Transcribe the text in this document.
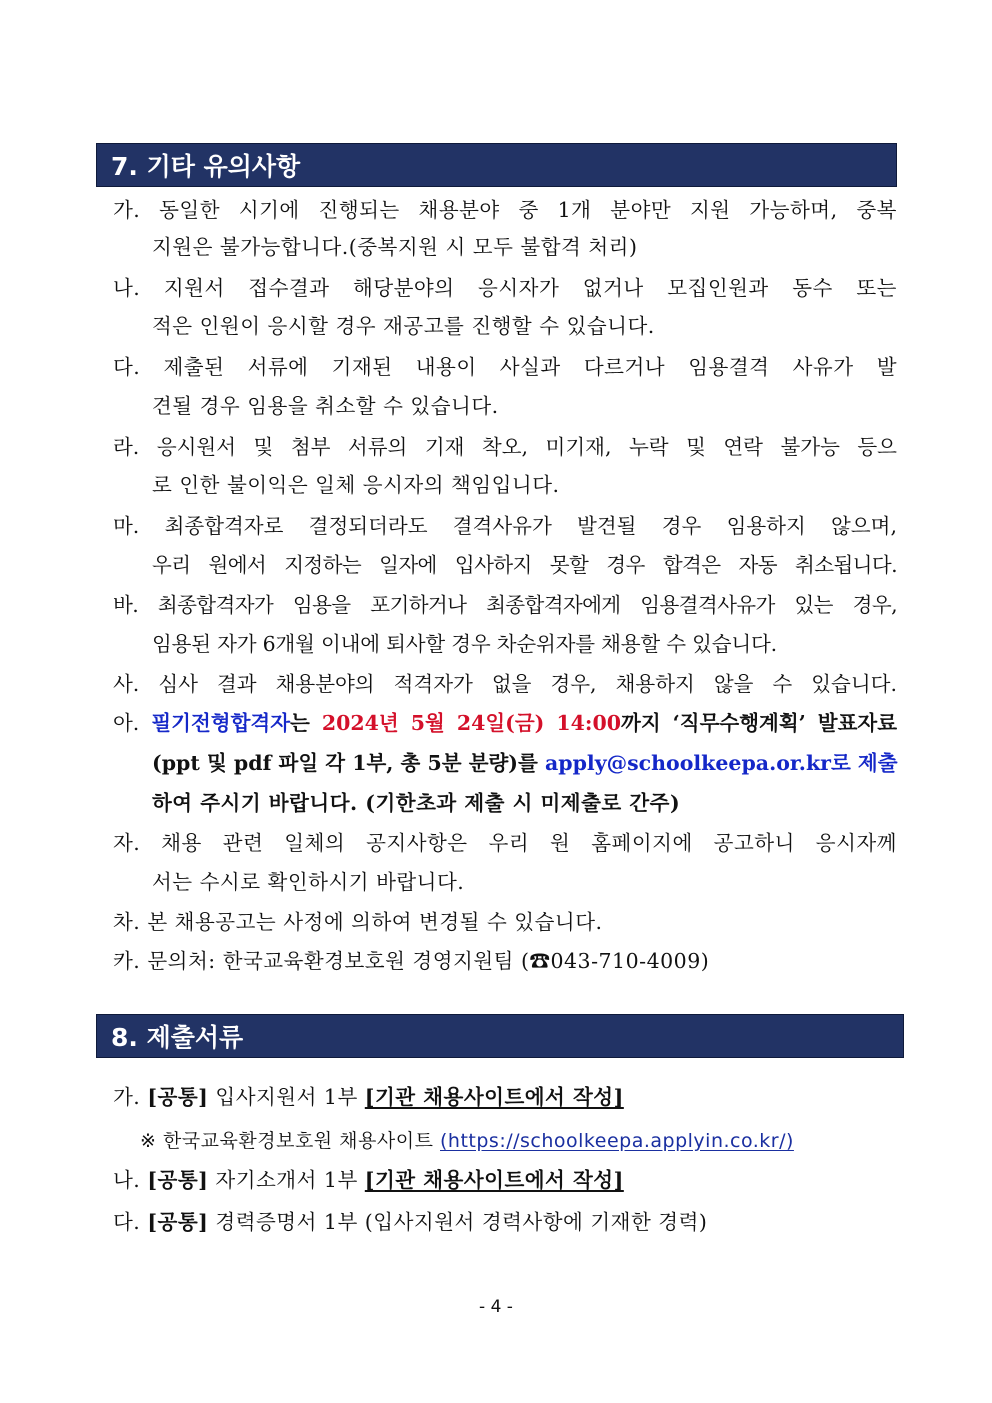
7. 기타 유의사항
가. 동일한 시기에 진행되는 채용분야 중 1개 분야만 지원 가능하며, 중복
지원은 불가능합니다.(중복지원 시 모두 불합격 처리)
나. 지원서 접수결과 해당분야의 응시자가 없거나 모집인원과 동수 또는
적은 인원이 응시할 경우 재공고를 진행할 수 있습니다.
다. 제출된 서류에 기재된 내용이 사실과 다르거나 임용결격 사유가 발
견될 경우 임용을 취소할 수 있습니다.
라. 응시원서 및 첨부 서류의 기재 착오, 미기재, 누락 및 연락 불가능 등으
로 인한 불이익은 일체 응시자의 책임입니다.
마. 최종합격자로 결정되더라도 결격사유가 발견될 경우 임용하지 않으며,
우리 원에서 지정하는 일자에 입사하지 못할 경우 합격은 자동 취소됩니다.
바. 최종합격자가 임용을 포기하거나 최종합격자에게 임용결격사유가 있는 경우,
임용된 자가 6개월 이내에 퇴사할 경우 차순위자를 채용할 수 있습니다.
사. 심사 결과 채용분야의 적격자가 없을 경우, 채용하지 않을 수 있습니다.
아. 필기전형합격자는 2024년 5월 24일(금) 14:00까지 ‘직무수행계획’ 발표자료
(ppt 및 pdf 파일 각 1부, 총 5분 분량)를 apply@schoolkeepa.or.kr로 제출
하여 주시기 바랍니다. (기한초과 제출 시 미제출로 간주)
자. 채용 관련 일체의 공지사항은 우리 원 홈페이지에 공고하니 응시자께
서는 수시로 확인하시기 바랍니다.
차. 본 채용공고는 사정에 의하여 변경될 수 있습니다.
카. 문의처: 한국교육환경보호원 경영지원팀 (☎043-710-4009)
8. 제출서류
가. [공통] 입사지원서 1부 [기관 채용사이트에서 작성]
※ 한국교육환경보호원 채용사이트 (https://schoolkeepa.applyin.co.kr/)
나. [공통] 자기소개서 1부 [기관 채용사이트에서 작성]
다. [공통] 경력증명서 1부 (입사지원서 경력사항에 기재한 경력)
- 4 -
